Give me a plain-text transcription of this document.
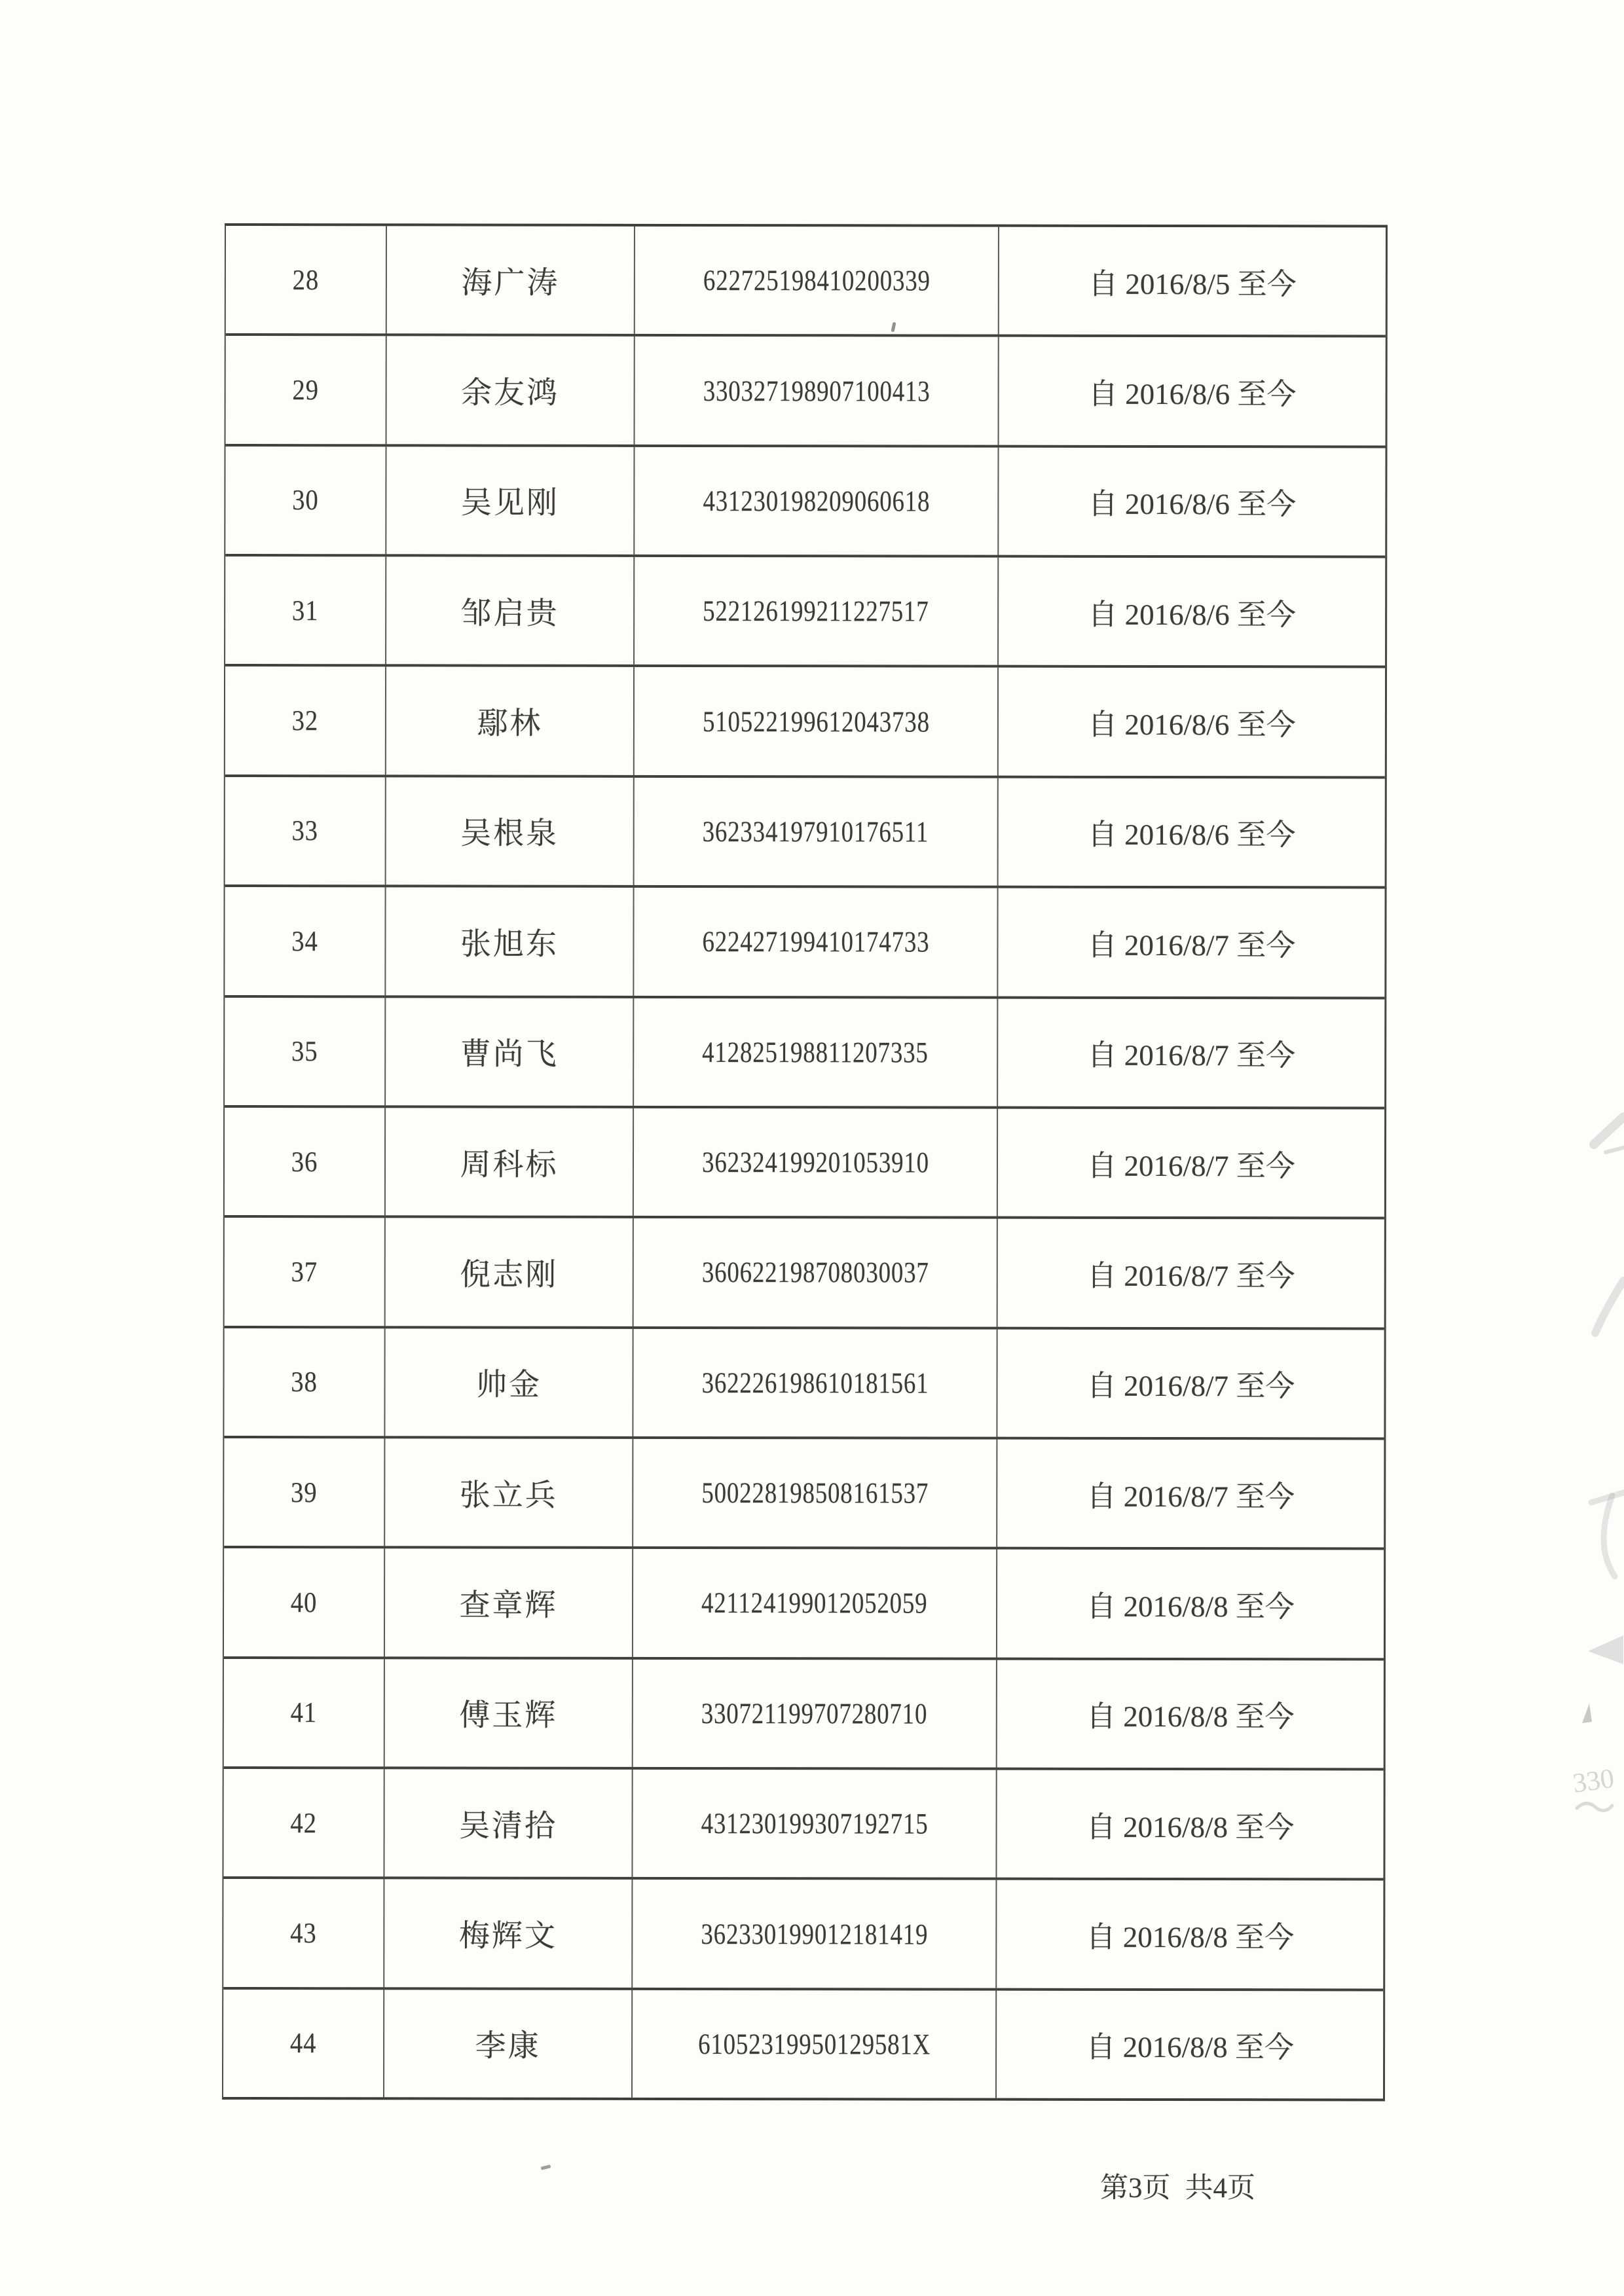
28	海广涛	622725198410200339	自 2016/8/5 至今
29	余友鸿	330327198907100413	自 2016/8/6 至今
30	吴见刚	431230198209060618	自 2016/8/6 至今
31	邹启贵	522126199211227517	自 2016/8/6 至今
32	鄢林	510522199612043738	自 2016/8/6 至今
33	吴根泉	362334197910176511	自 2016/8/6 至今
34	张旭东	622427199410174733	自 2016/8/7 至今
35	曹尚飞	412825198811207335	自 2016/8/7 至今
36	周科标	362324199201053910	自 2016/8/7 至今
37	倪志刚	360622198708030037	自 2016/8/7 至今
38	帅金	362226198610181561	自 2016/8/7 至今
39	张立兵	500228198508161537	自 2016/8/7 至今
40	查章辉	421124199012052059	自 2016/8/8 至今
41	傅玉辉	330721199707280710	自 2016/8/8 至今
42	吴清拾	431230199307192715	自 2016/8/8 至今
43	梅辉文	362330199012181419	自 2016/8/8 至今
44	李康	61052319950129581X	自 2016/8/8 至今
第3页 共4页
330
